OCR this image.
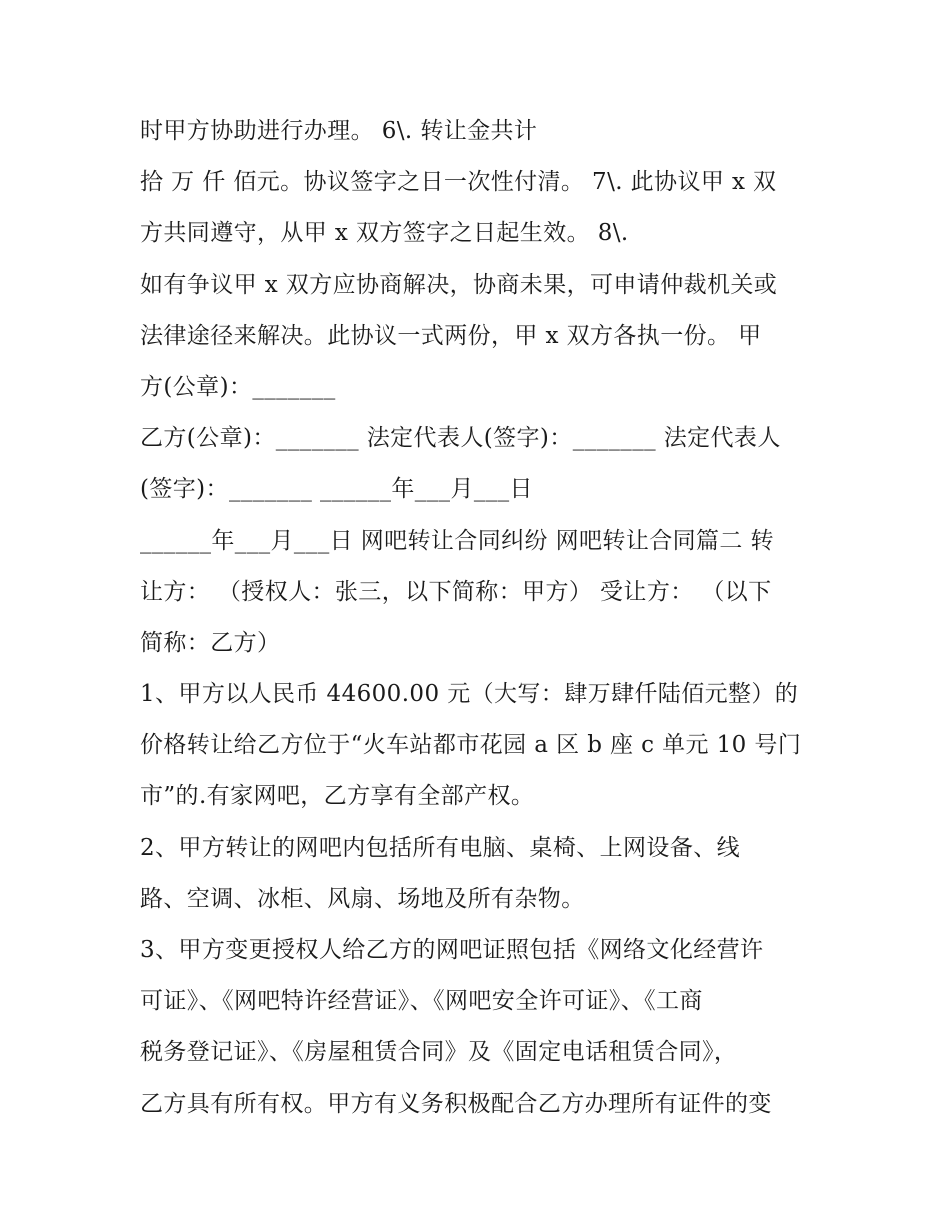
时甲方协助进行办理。 6\. 转让金共计
拾 万 仟 佰元。协议签字之日一次性付清。 7\. 此协议甲 x 双
方共同遵守，从甲 x 双方签字之日起生效。 8\.
如有争议甲 x 双方应协商解决，协商未果，可申请仲裁机关或
法律途径来解决。此协议一式两份，甲 x 双方各执一份。 甲
方(公章)：_______
乙方(公章)：_______ 法定代表人(签字)：_______ 法定代表人
(签字)：_______ ______年___月___日
______年___月___日 网吧转让合同纠纷 网吧转让合同篇二 转
让方： （授权人：张三，以下简称：甲方） 受让方： （以下
简称：乙方）
1、甲方以人民币 44600.00 元（大写：肆万肆仟陆佰元整）的
价格转让给乙方位于“火车站都市花园 a 区 b 座 c 单元 10 号门
市”的.有家网吧，乙方享有全部产权。
2、甲方转让的网吧内包括所有电脑、桌椅、上网设备、线
路、空调、冰柜、风扇、场地及所有杂物。
3、甲方变更授权人给乙方的网吧证照包括《网络文化经营许
可证》、《网吧特许经营证》、《网吧安全许可证》、《工商
税务登记证》、《房屋租赁合同》及《固定电话租赁合同》，
乙方具有所有权。甲方有义务积极配合乙方办理所有证件的变
